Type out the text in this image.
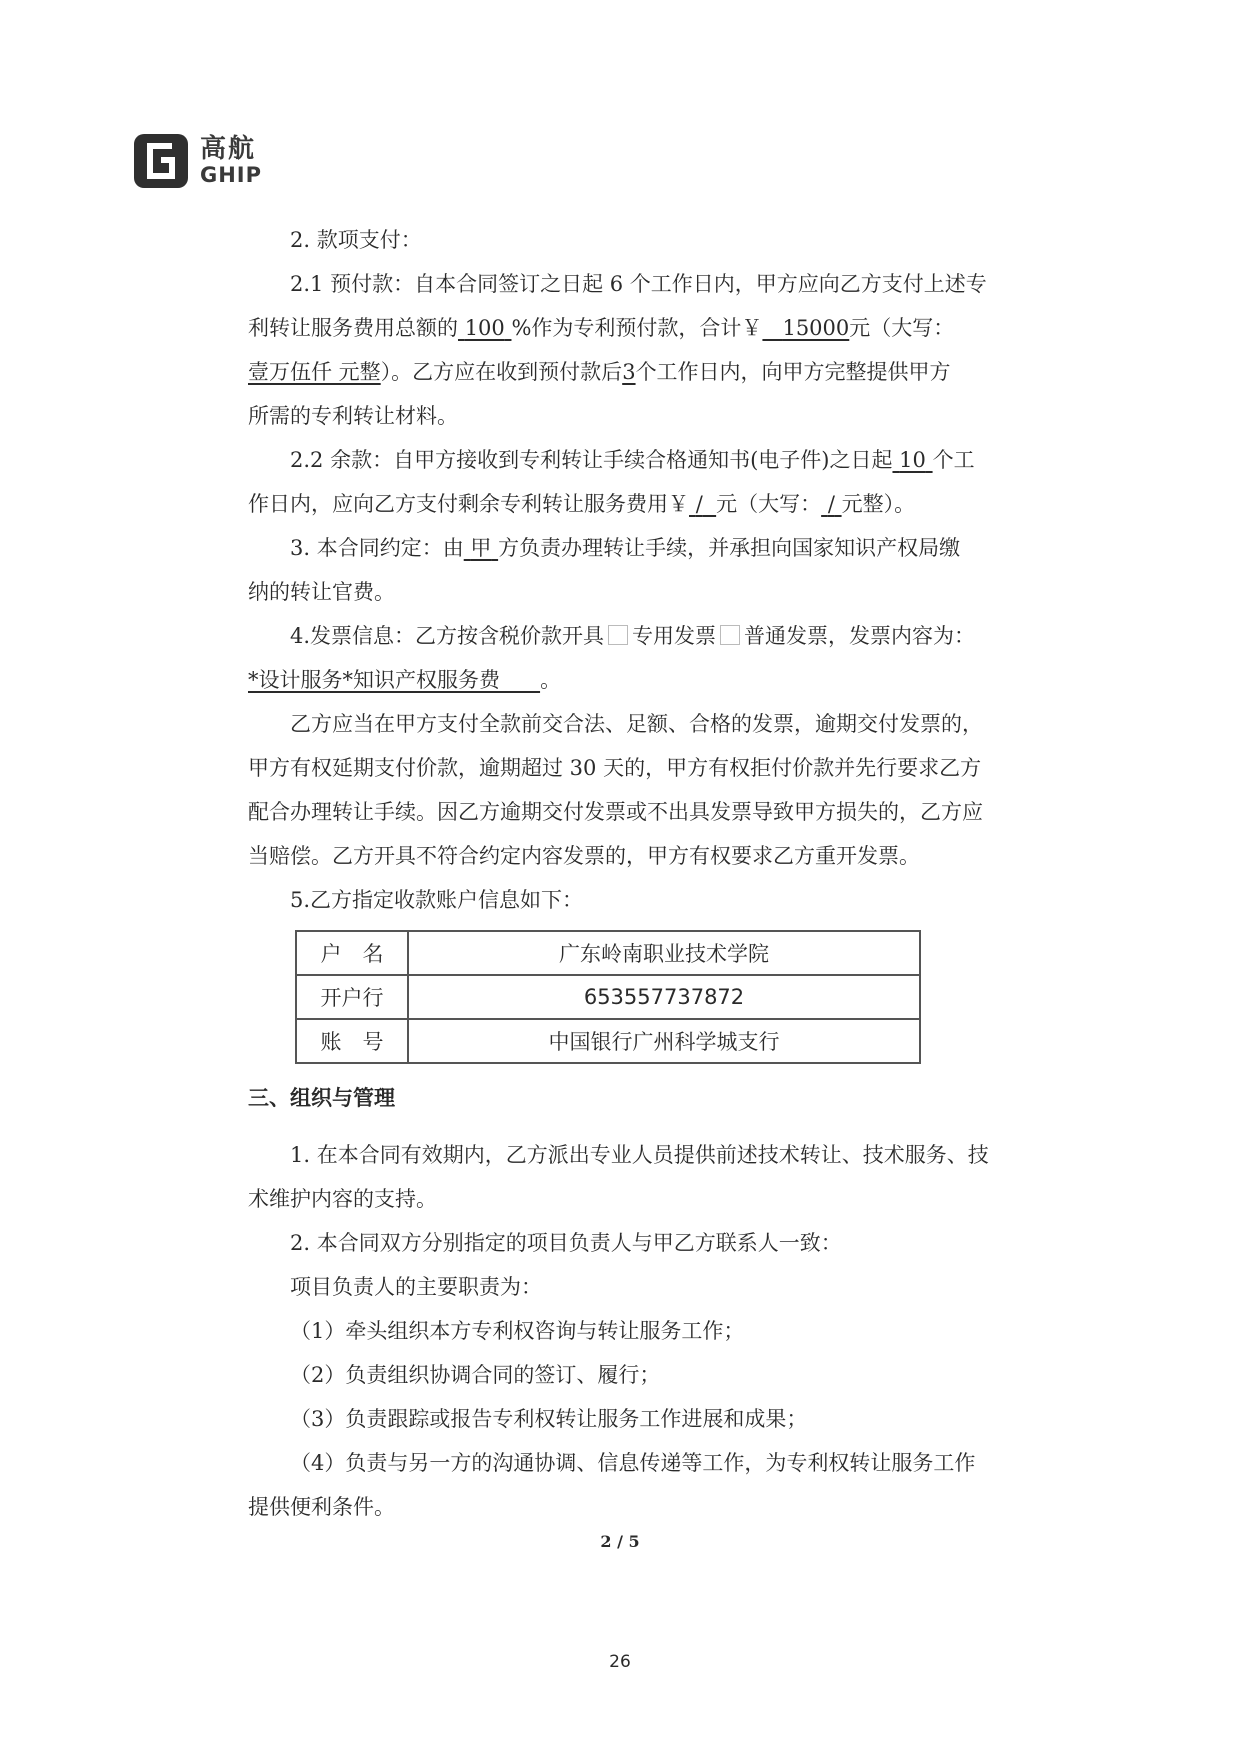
高航
GHIP
2. 款项支付：
2.1 预付款：自本合同签订之日起 6 个工作日内，甲方应向乙方支付上述专
利转让服务费用总额的 100 %作为专利预付款，合计￥ 15000元（大写：
壹万伍仟 元整）。乙方应在收到预付款后3个工作日内，向甲方完整提供甲方
所需的专利转让材料。
2.2 余款：自甲方接收到专利转让手续合格通知书(电子件)之日起 10 个工
作日内，应向乙方支付剩余专利转让服务费用￥ / 元（大写： / 元整）。
3. 本合同约定：由 甲 方负责办理转让手续，并承担向国家知识产权局缴
纳的转让官费。
4.发票信息：乙方按含税价款开具 专用发票 普通发票，发票内容为：
*设计服务*知识产权服务费 。
乙方应当在甲方支付全款前交合法、足额、合格的发票，逾期交付发票的，
甲方有权延期支付价款，逾期超过 30 天的，甲方有权拒付价款并先行要求乙方
配合办理转让手续。因乙方逾期交付发票或不出具发票导致甲方损失的，乙方应
当赔偿。乙方开具不符合约定内容发票的，甲方有权要求乙方重开发票。
5.乙方指定收款账户信息如下：
户　名	广东岭南职业技术学院
开户行	653557737872
账　号	中国银行广州科学城支行
三、组织与管理
1. 在本合同有效期内，乙方派出专业人员提供前述技术转让、技术服务、技
术维护内容的支持。
2. 本合同双方分别指定的项目负责人与甲乙方联系人一致：
项目负责人的主要职责为：
（1）牵头组织本方专利权咨询与转让服务工作；
（2）负责组织协调合同的签订、履行；
（3）负责跟踪或报告专利权转让服务工作进展和成果；
（4）负责与另一方的沟通协调、信息传递等工作，为专利权转让服务工作
提供便利条件。
2 / 5
26
